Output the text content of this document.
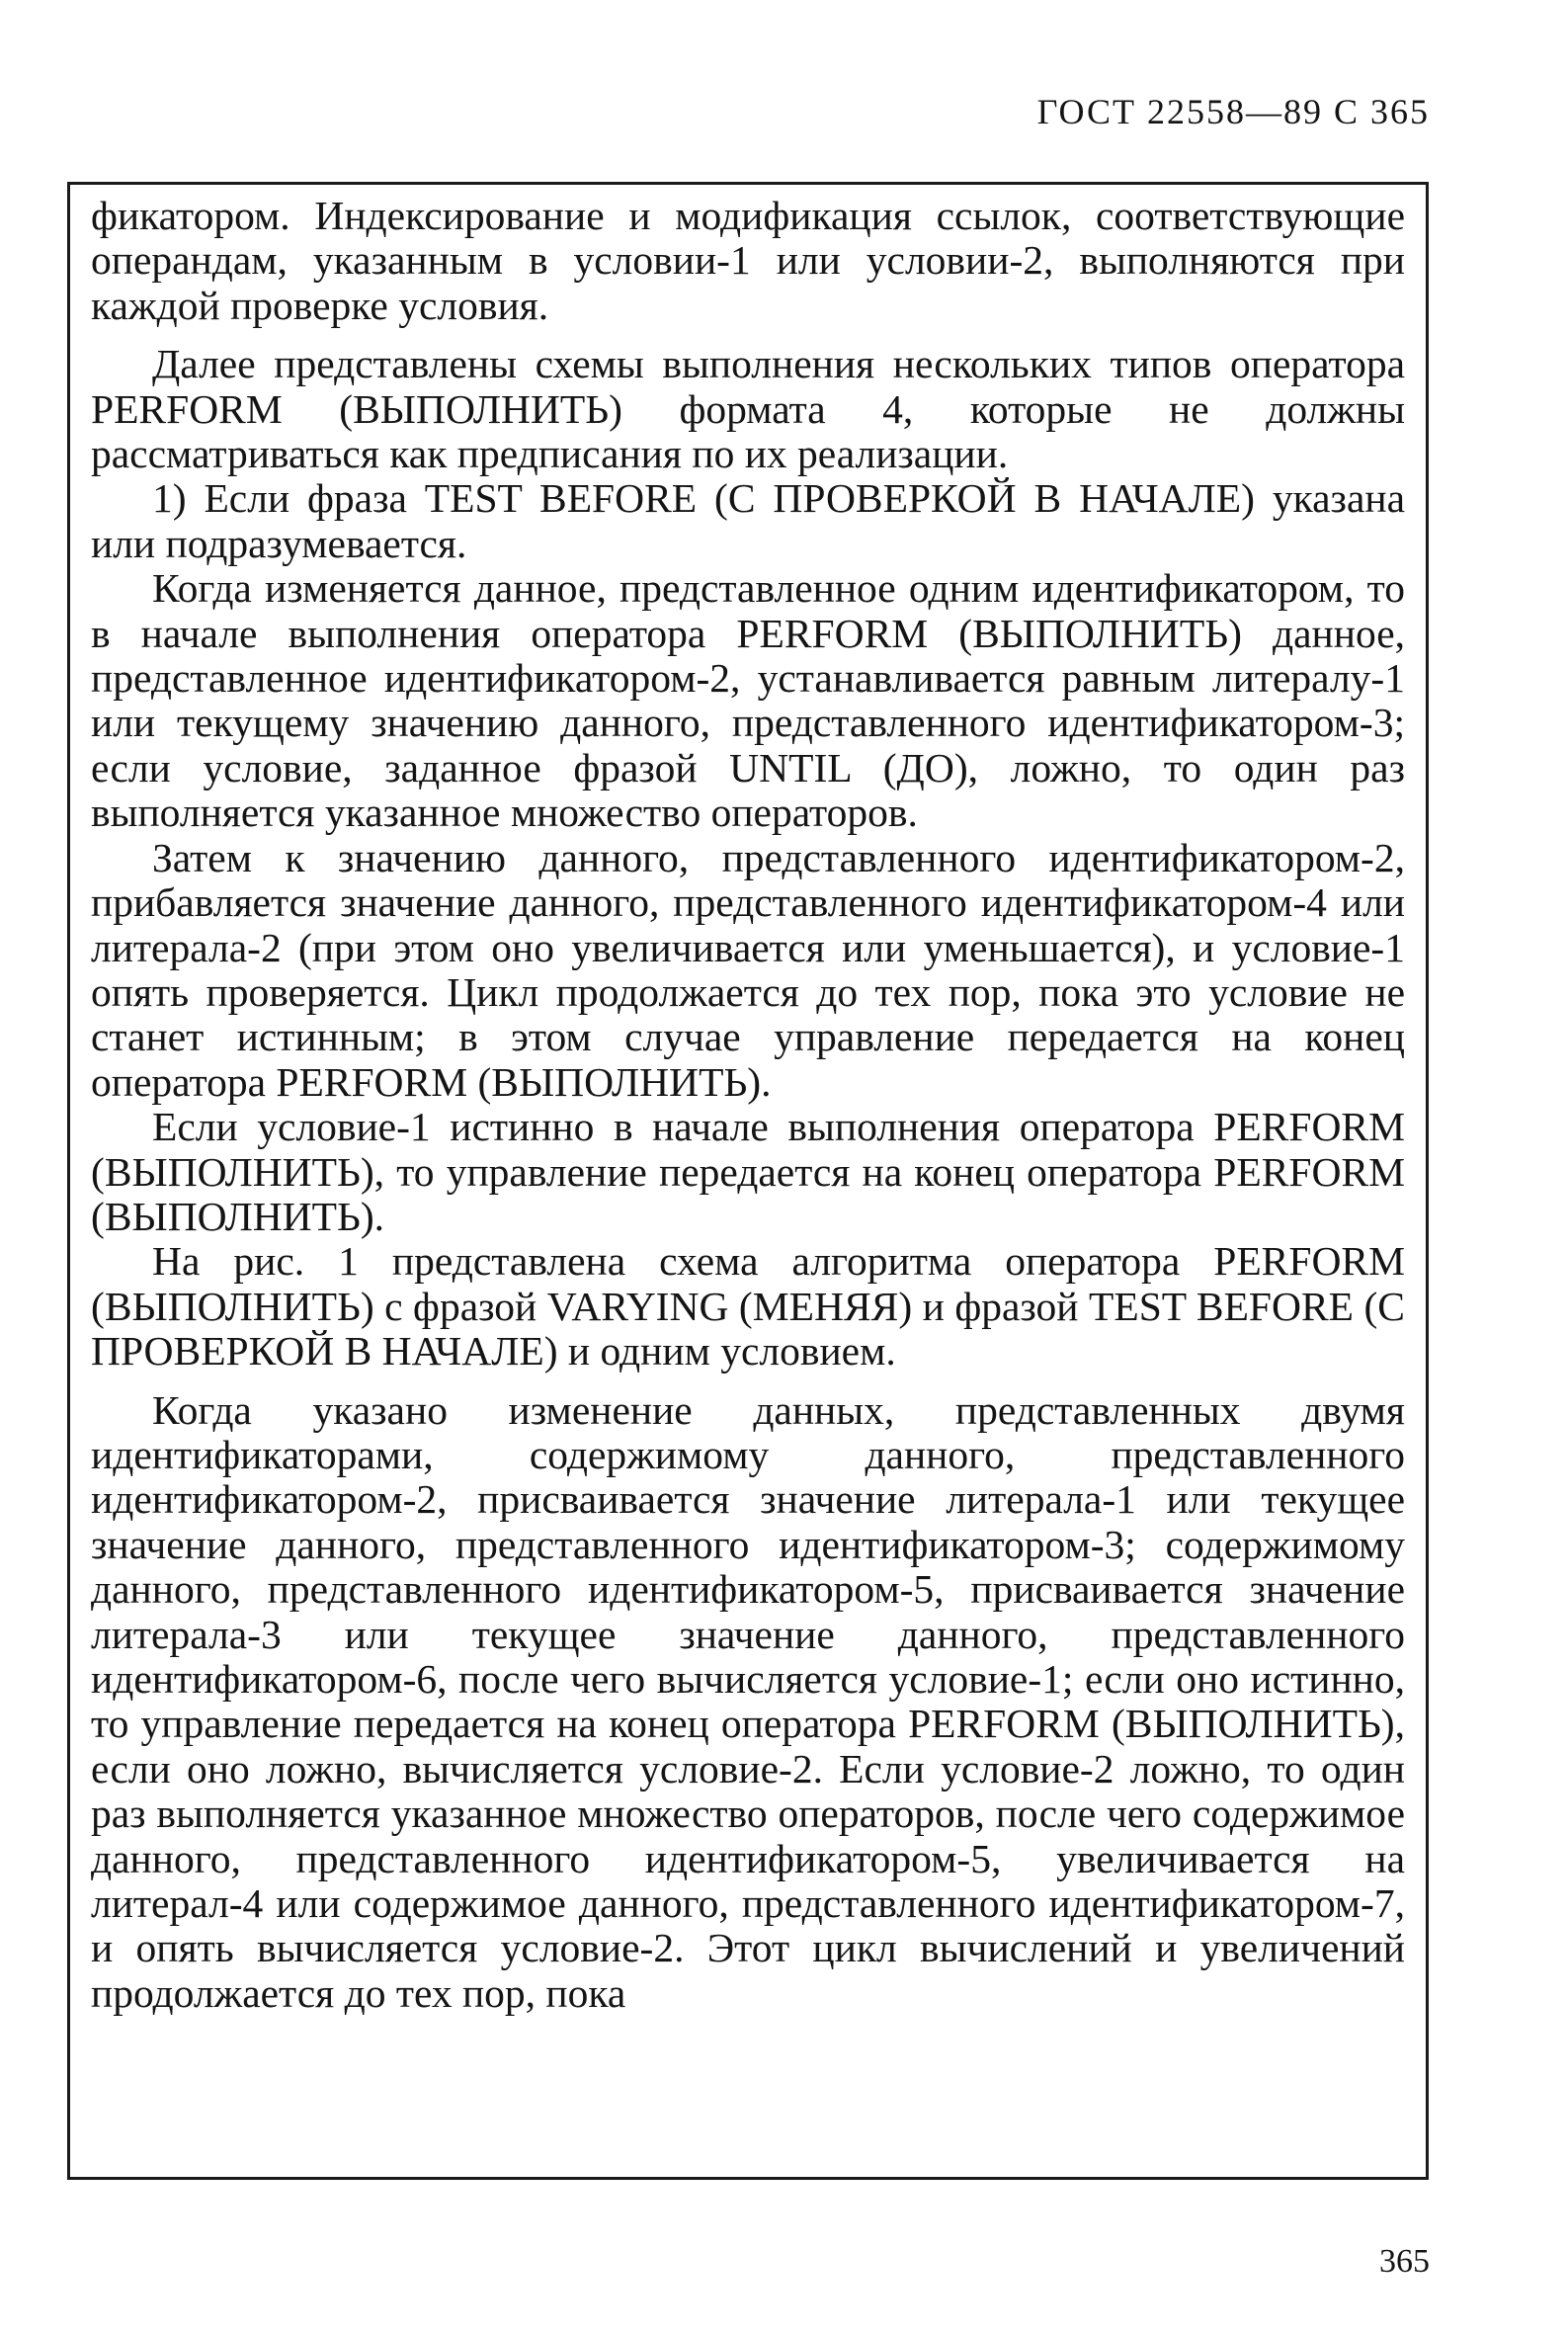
ГОСТ 22558—89 С 365

фикатором. Индексирование и модификация ссылок, соответствующие операндам, указанным в условии-1 или условии-2, выполняются при каждой проверке условия.

Далее представлены схемы выполнения нескольких типов оператора PERFORM (ВЫПОЛНИТЬ) формата 4, которые не должны рассматриваться как предписания по их реализации.

1) Если фраза TEST BEFORE (С ПРОВЕРКОЙ В НАЧАЛЕ) указана или подразумевается.

Когда изменяется данное, представленное одним идентификатором, то в начале выполнения оператора PERFORM (ВЫПОЛНИТЬ) данное, представленное идентификатором-2, устанавливается равным литералу-1 или текущему значению данного, представленного идентификатором-3; если условие, заданное фразой UNTIL (ДО), ложно, то один раз выполняется указанное множество операторов.

Затем к значению данного, представленного идентификатором-2, прибавляется значение данного, представленного идентификатором-4 или литерала-2 (при этом оно увеличивается или уменьшается), и условие-1 опять проверяется. Цикл продолжается до тех пор, пока это условие не станет истинным; в этом случае управление передается на конец оператора PERFORM (ВЫПОЛНИТЬ).

Если условие-1 истинно в начале выполнения оператора PERFORM (ВЫПОЛНИТЬ), то управление передается на конец оператора PERFORM (ВЫПОЛНИТЬ).

На рис. 1 представлена схема алгоритма оператора PERFORM (ВЫПОЛНИТЬ) с фразой VARYING (МЕНЯЯ) и фразой TEST BEFORE (С ПРОВЕРКОЙ В НАЧАЛЕ) и одним условием.

Когда указано изменение данных, представленных двумя идентификаторами, содержимому данного, представленного идентификатором-2, присваивается значение литерала-1 или текущее значение данного, представленного идентификатором-3; содержимому данного, представленного идентификатором-5, присваивается значение литерала-3 или текущее значение данного, представленного идентификатором-6, после чего вычисляется условие-1; если оно истинно, то управление передается на конец оператора PERFORM (ВЫПОЛНИТЬ), если оно ложно, вычисляется условие-2. Если условие-2 ложно, то один раз выполняется указанное множество операторов, после чего содержимое данного, представленного идентификатором-5, увеличивается на литерал-4 или содержимое данного, представленного идентификатором-7, и опять вычисляется условие-2. Этот цикл вычислений и увеличений продолжается до тех пор, пока

365
